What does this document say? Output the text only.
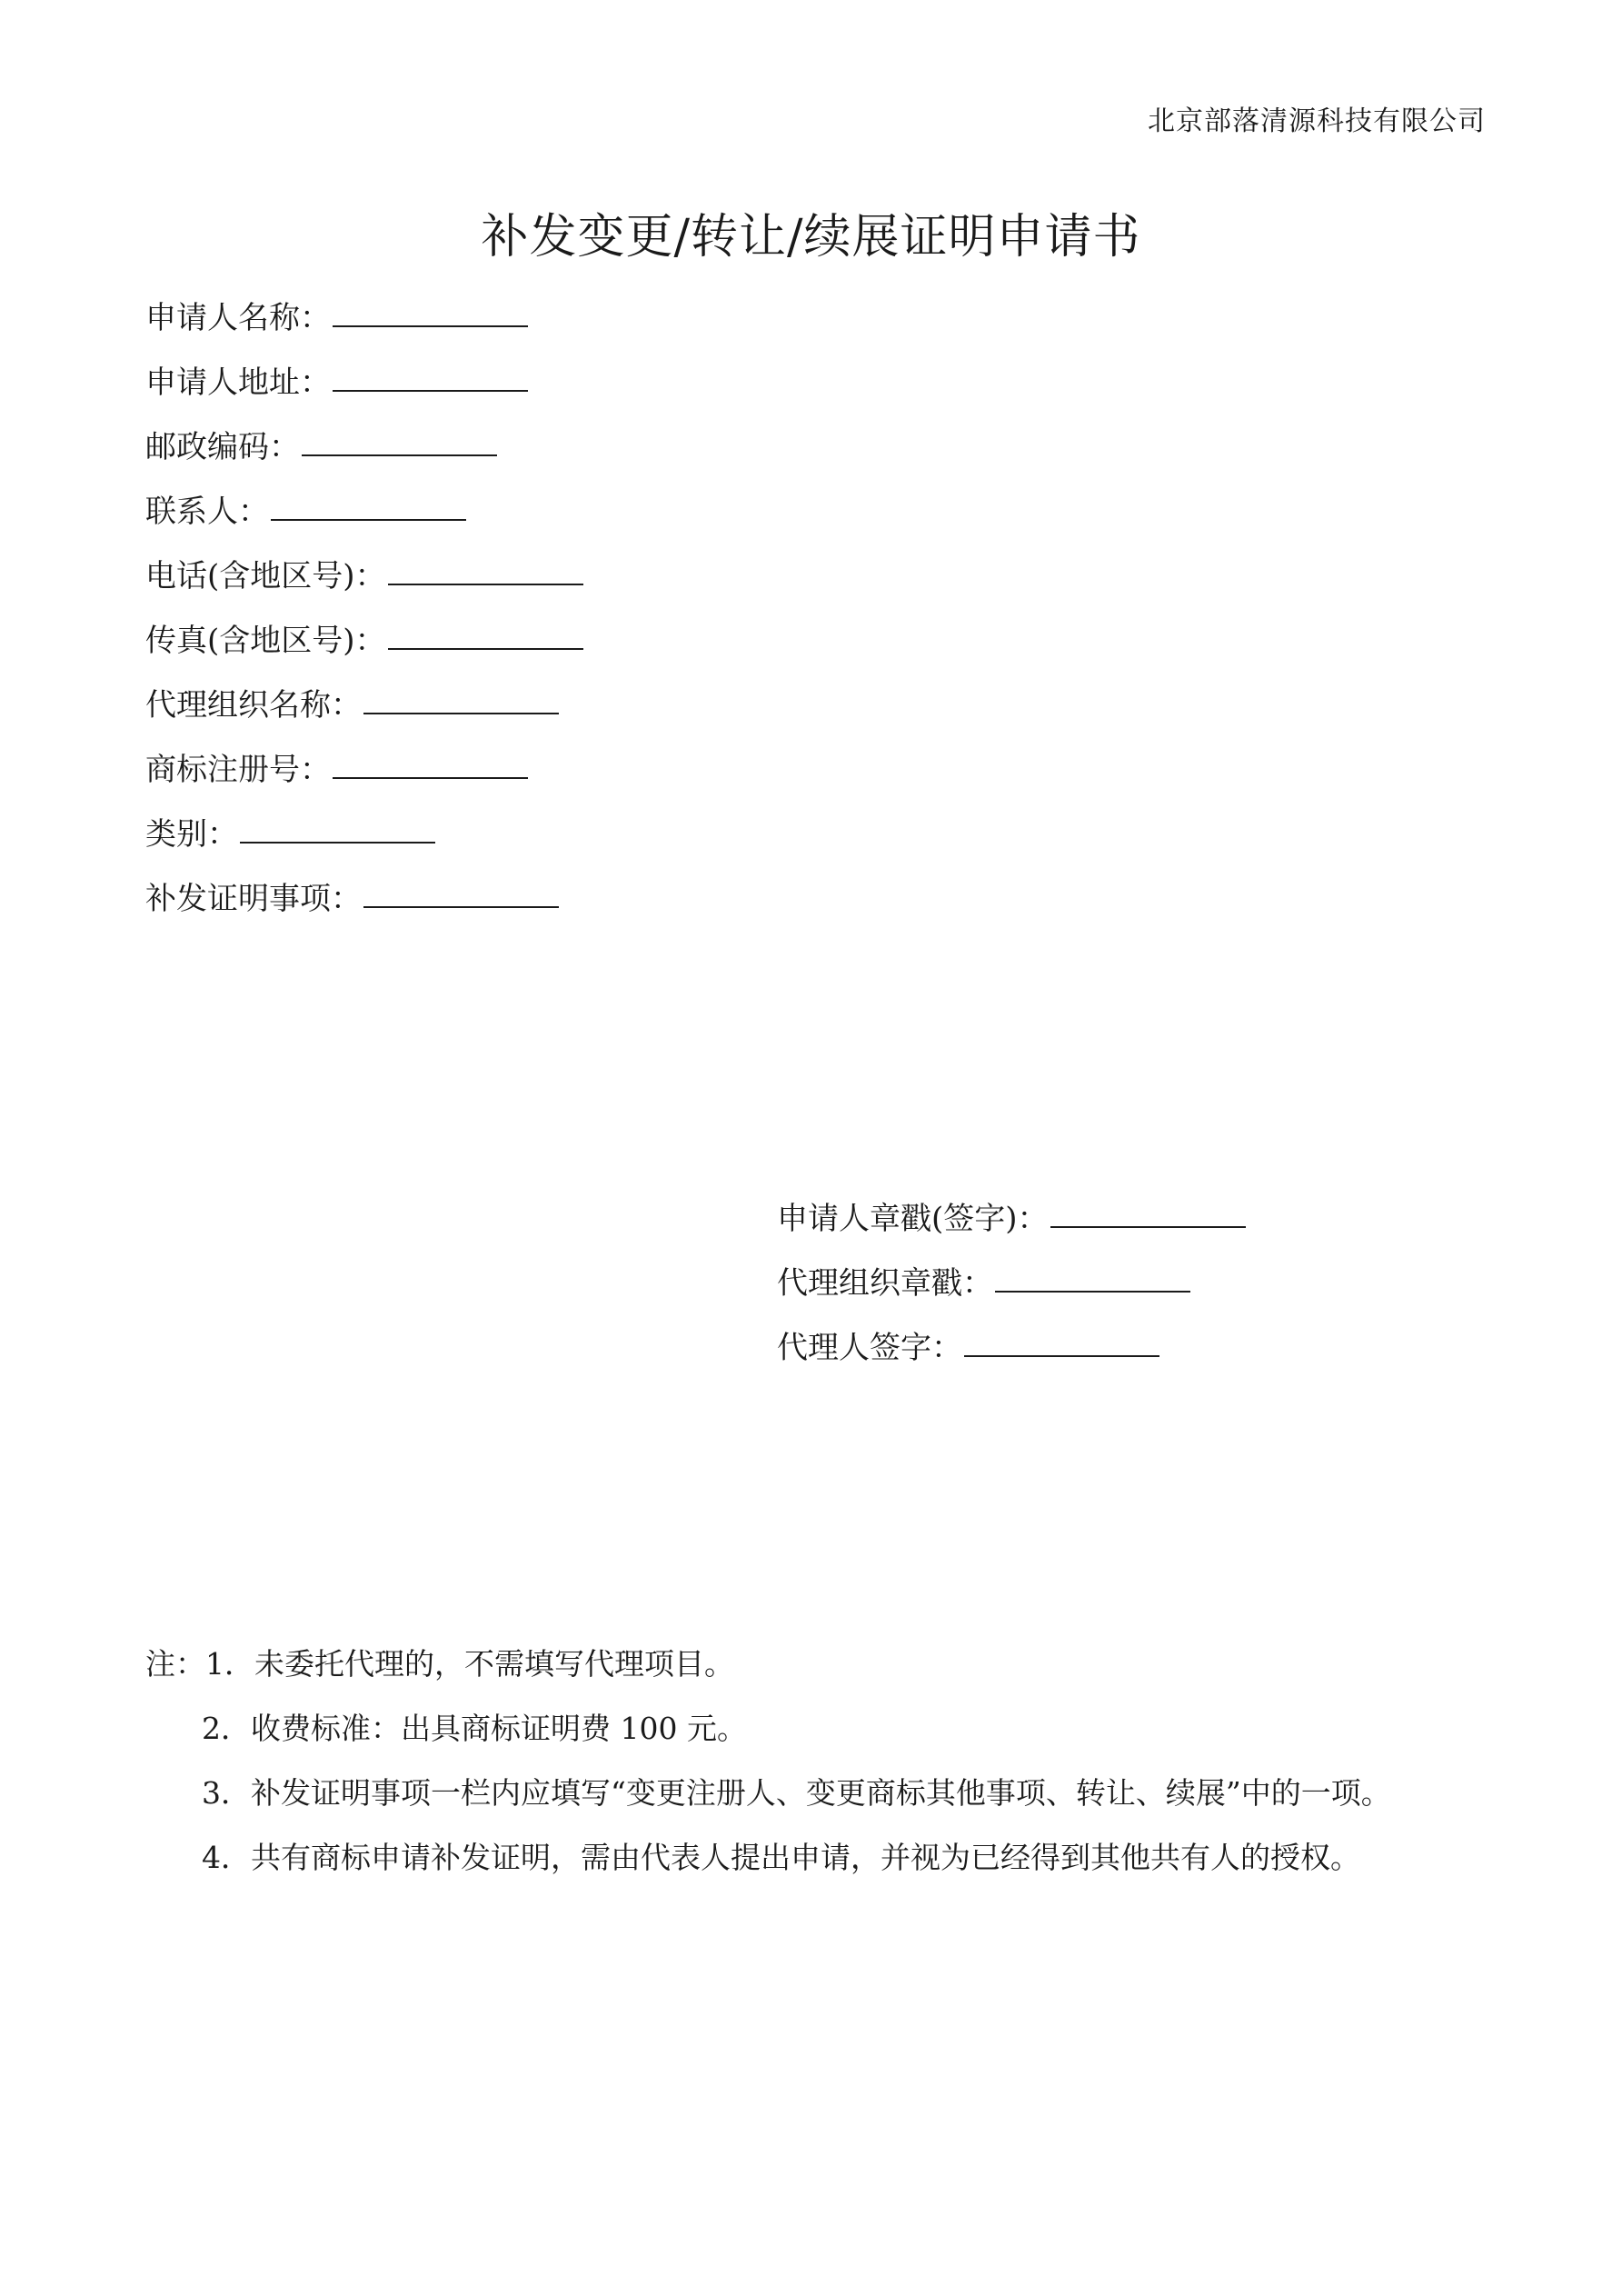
北京部落清源科技有限公司
补发变更/转让/续展证明申请书
申请人名称：
申请人地址：
邮政编码：
联系人：
电话(含地区号)：
传真(含地区号)：
代理组织名称：
商标注册号：
类别：
补发证明事项：
申请人章戳(签字)：
代理组织章戳：
代理人签字：
注：1．未委托代理的，不需填写代理项目。
2．收费标准：出具商标证明费 100 元。
3．补发证明事项一栏内应填写“变更注册人、变更商标其他事项、转让、续展”中的一项。
4．共有商标申请补发证明，需由代表人提出申请，并视为已经得到其他共有人的授权。
